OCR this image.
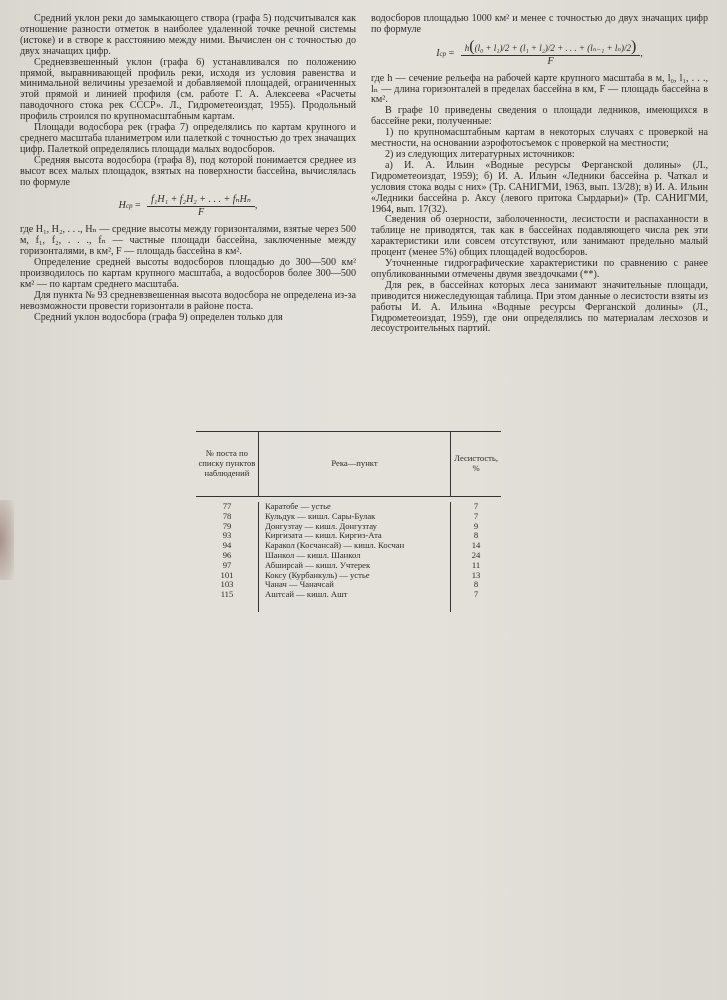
Средний уклон реки до замыкающего створа (графа 5) подсчитывался как отношение разности отметок в наиболее удаленной точке речной системы (истоке) и в створе к расстоянию между ними. Вычислен он с точностью до двух значащих цифр.

Средневзвешенный уклон (графа 6) устанавливался по положению прямой, выравнивающей профиль реки, исходя из условия равенства и минимальной величины урезаемой и добавляемой площадей, ограниченных этой прямой и линией профиля (см. работе Г. А. Алексеева «Расчеты паводочного стока рек СССР». Л., Гидрометеоиздат, 1955). Продольный профиль строился по крупномасштабным картам.

Площади водосбора рек (графа 7) определялись по картам крупного и среднего масштаба планиметром или палеткой с точностью до трех значащих цифр. Палеткой определялись площади малых водосборов.

Средняя высота водосбора (графа 8), под которой понимается среднее из высот всех малых площадок, взятых на поверхности бассейна, вычислялась по формуле

H ср = $\frac{\text{f₁H₁ + f₂H₂ + . . . + fₙHₙ}}{F}$ ,

где H₁, H₂, . . ., Hₙ — средние высоты между горизонталями, взятые через 500 м, f₁, f₂, . . ., fₙ — частные площади бассейна, заключенные между горизонталями, в км², F — площадь бассейна в км².

Определение средней высоты водосборов площадью до 300—500 км² производилось по картам крупного масштаба, а водосборов более 300—500 км² — по картам среднего масштаба.

Для пункта № 93 средневзвешенная высота водосбора не определена из-за невозможности провести горизонтали в районе поста.

Средний уклон водосбора (графа 9) определен только для

водосборов площадью 1000 км² и менее с точностью до двух значащих цифр по формуле

I ср = $\frac{\text{h((l₀ + l₁)/2 + (l₁ + l₂)/2 + . . . + (lₙ₋₁ + lₙ)/2)}}{F}$ ,

где h — сечение рельефа на рабочей карте крупного масштаба в м, l₀, l₁, . . ., lₙ — длина горизонталей в пределах бассейна в км, F — площадь бассейна в км².

В графе 10 приведены сведения о площади ледников, имеющихся в бассейне реки, полученные:

1) по крупномасштабным картам в некоторых случаях с проверкой на местности, на основании аэрофотосъемок с проверкой на местности;

2) из следующих литературных источников:

а) И. А. Ильин «Водные ресурсы Ферганской долины» (Л., Гидрометеоиздат, 1959); б) И. А. Ильин «Ледники бассейна р. Чаткал и условия стока воды с них» (Тр. САНИГМИ, 1963, вып. 13/28); в) И. А. Ильин «Ледники бассейна р. Аксу (левого притока Сырдарьи)» (Тр. САНИГМИ, 1964, вып. 17(32).

Сведения об озерности, заболоченности, лесистости и распаханности в таблице не приводятся, так как в бассейнах подавляющего числа рек эти характеристики или совсем отсутствуют, или занимают предельно малый процент (менее 5%) общих площадей водосборов.

Уточненные гидрографические характеристики по сравнению с ранее опубликованными отмечены двумя звездочками (**).

Для рек, в бассейнах которых леса занимают значительные площади, приводится нижеследующая таблица. При этом данные о лесистости взяты из работы И. А. Ильина «Водные ресурсы Ферганской долины» (Л., Гидрометеоиздат, 1959), где они определялись по материалам лесхозов и лесоустроительных партий.

№ поста по списку пунктов наблюдений
Река—пункт	Лесистость, %
77
78
79
93
94
96
97
101
103
115
Каратобе — устье
Кульдук — кишл. Сары-Булак
Донгузтау — кишл. Донгузтау
Киргизата — кишл. Киргиз-Ата
Каракол (Косчансай) — кишл. Косчан
Шанкол — кишл. Шанкол
Абширсай — кишл. Учтерек
Коксу (Курбанкуль) — устье
Чанач — Чаначсай
Аштсай — кишл. Ашт
7
7
9
8
14
24
11
13
8
7
